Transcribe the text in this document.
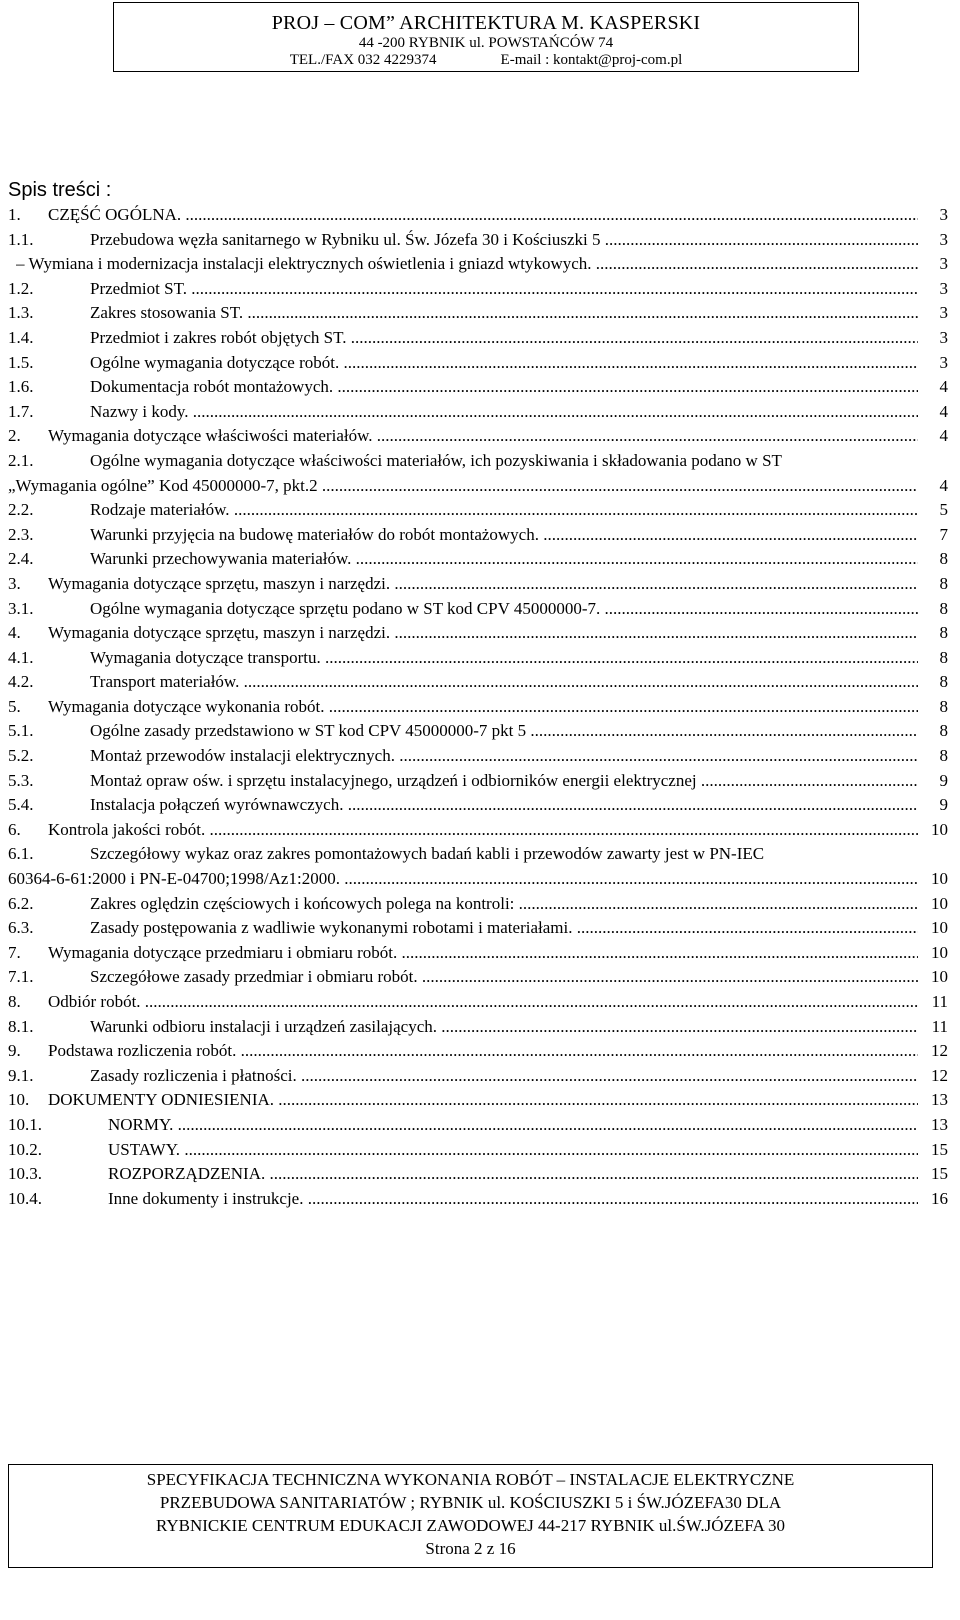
PROJ – COM” ARCHITEKTURA M. KASPERSKI
44 -200 RYBNIK ul. POWSTAŃCÓW 74
TEL./FAX 032 4229374	E-mail : kontakt@proj-com.pl
Spis treści :
1. CZĘŚĆ OGÓLNA. .....	3
1.1.	Przebudowa węzła sanitarnego w Rybniku ul. Św. Józefa 30 i Kościuszki 5 .....	3
– Wymiana i modernizacja instalacji elektrycznych oświetlenia i gniazd wtykowych. .....	3
1.2.	Przedmiot ST. .....	3
1.3.	Zakres stosowania ST. .....	3
1.4.	Przedmiot i zakres robót objętych ST. .....	3
1.5.	Ogólne wymagania dotyczące robót. .....	3
1.6.	Dokumentacja robót montażowych. .....	4
1.7.	Nazwy i kody. .....	4
2. Wymagania dotyczące właściwości materiałów. .....	4
2.1.	Ogólne wymagania dotyczące właściwości materiałów, ich pozyskiwania i składowania podano w ST
„Wymagania ogólne” Kod 45000000-7, pkt.2 .....	4
2.2.	Rodzaje materiałów. .....	5
2.3.	Warunki przyjęcia na budowę materiałów do robót montażowych. .....	7
2.4.	Warunki przechowywania materiałów. .....	8
3. Wymagania dotyczące sprzętu, maszyn i narzędzi. .....	8
3.1.	Ogólne wymagania dotyczące sprzętu podano w ST kod CPV 45000000-7. .....	8
4. Wymagania dotyczące sprzętu, maszyn i narzędzi. .....	8
4.1.	Wymagania dotyczące transportu. .....	8
4.2.	Transport materiałów. .....	8
5. Wymagania dotyczące wykonania robót. .....	8
5.1.	Ogólne zasady przedstawiono w ST kod CPV 45000000-7 pkt 5 .....	8
5.2.	Montaż przewodów instalacji elektrycznych. .....	8
5.3.	Montaż opraw ośw. i sprzętu instalacyjnego, urządzeń i odbiorników energii elektrycznej .....	9
5.4.	Instalacja połączeń wyrównawczych. .....	9
6. Kontrola jakości robót. .....	10
6.1.	Szczegółowy wykaz oraz zakres pomontażowych badań kabli i przewodów zawarty jest w PN-IEC
60364-6-61:2000 i PN-E-04700;1998/Az1:2000. .....	10
6.2.	Zakres oględzin częściowych i końcowych polega na kontroli: .....	10
6.3.	Zasady postępowania z wadliwie wykonanymi robotami i materiałami. .....	10
7. Wymagania dotyczące przedmiaru i obmiaru robót. .....	10
7.1.	Szczegółowe zasady przedmiar i obmiaru robót. .....	10
8. Odbiór robót. .....	11
8.1.	Warunki odbioru instalacji i urządzeń zasilających. .....	11
9. Podstawa rozliczenia robót. .....	12
9.1.	Zasady rozliczenia i płatności. .....	12
10. DOKUMENTY ODNIESIENIA. .....	13
10.1.	NORMY. .....	13
10.2.	USTAWY. .....	15
10.3.	ROZPORZĄDZENIA. .....	15
10.4.	Inne dokumenty i instrukcje. .....	16
SPECYFIKACJA TECHNICZNA WYKONANIA ROBÓT – INSTALACJE ELEKTRYCZNE
PRZEBUDOWA SANITARIATÓW ; RYBNIK ul. KOŚCIUSZKI 5 i ŚW.JÓZEFA30 DLA
RYBNICKIE CENTRUM EDUKACJI ZAWODOWEJ 44-217 RYBNIK ul.ŚW.JÓZEFA 30
Strona 2 z 16
